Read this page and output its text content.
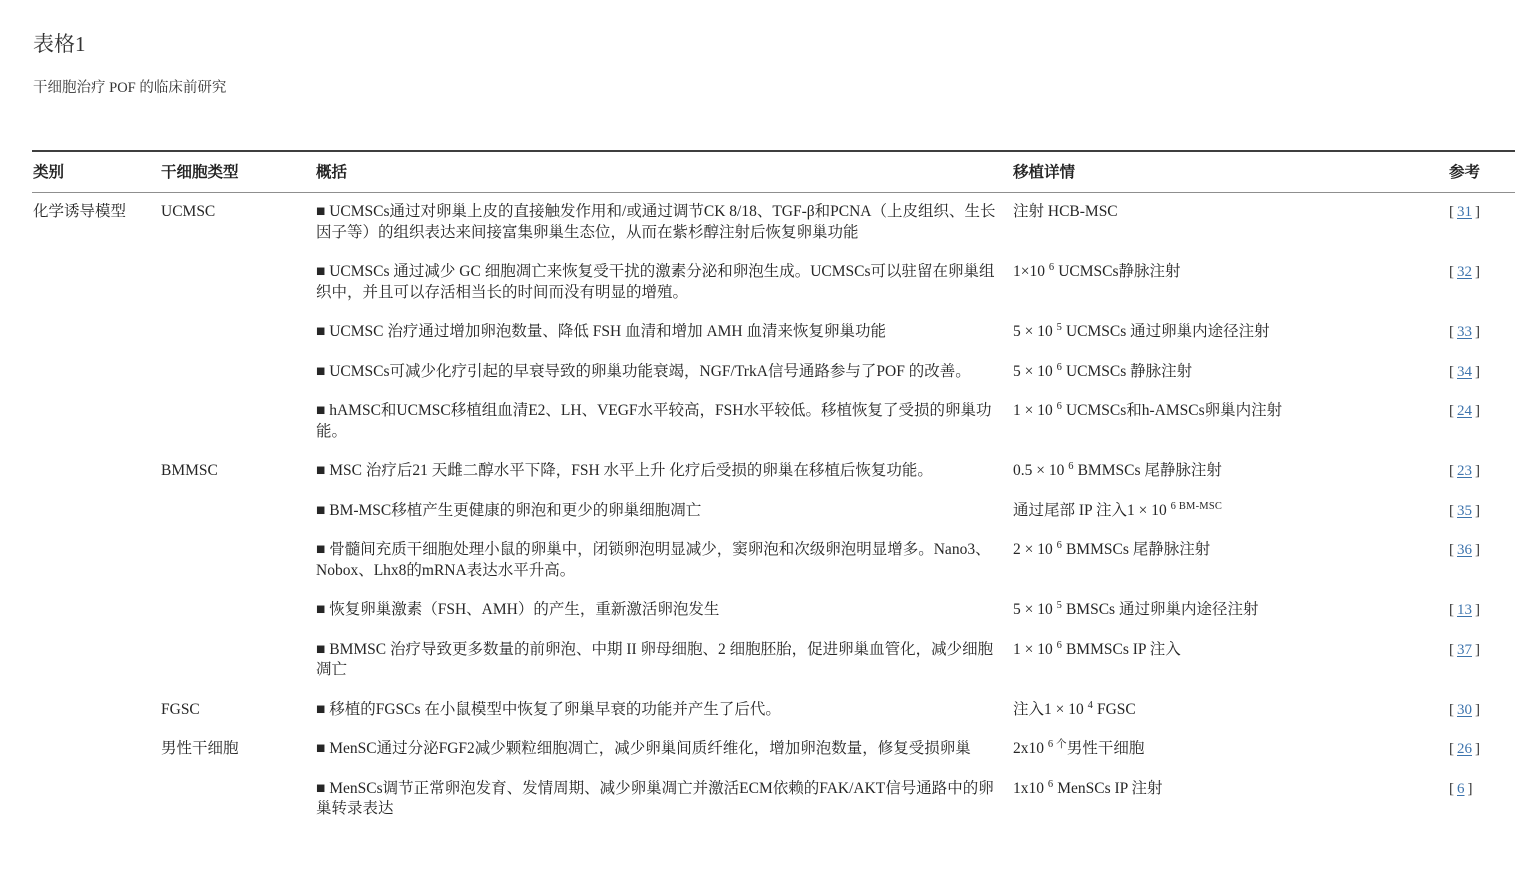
表格1
干细胞治疗 POF 的临床前研究
类别	干细胞类型	概括	移植详情	参考
化学诱导模型	UCMSC	■ UCMSCs通过对卵巢上皮的直接触发作用和/或通过调节CK 8/18、TGF-β和PCNA（上皮组织、生长因子等）的组织表达来间接富集卵巢生态位，从而在紫杉醇注射后恢复卵巢功能	注射 HCB-MSC	[ 31 ]
		■ UCMSCs 通过减少 GC 细胞凋亡来恢复受干扰的激素分泌和卵泡生成。UCMSCs可以驻留在卵巢组织中，并且可以存活相当长的时间而没有明显的增殖。	1×10 $^6$ UCMSCs静脉注射	[ 32 ]
		■ UCMSC 治疗通过增加卵泡数量、降低 FSH 血清和增加 AMH 血清来恢复卵巢功能	5 × 10 $^5$ UCMSCs 通过卵巢内途径注射	[ 33 ]
		■ UCMSCs可减少化疗引起的早衰导致的卵巢功能衰竭，NGF/TrkA信号通路参与了POF 的改善。	5 × 10 $^6$ UCMSCs 静脉注射	[ 34 ]
		■ hAMSC和UCMSC移植组血清E2、LH、VEGF水平较高，FSH水平较低。移植恢复了受损的卵巢功能。	1 × 10 $^6$ UCMSCs和h-AMSCs卵巢内注射	[ 24 ]
	BMMSC	■ MSC 治疗后21 天雌二醇水平下降，FSH 水平上升 化疗后受损的卵巢在移植后恢复功能。	0.5 × 10 $^6$ BMMSCs 尾静脉注射	[ 23 ]
		■ BM-MSC移植产生更健康的卵泡和更少的卵巢细胞凋亡	通过尾部 IP 注入1 × 10 $^{6 BM-MSC}$	[ 35 ]
		■ 骨髓间充质干细胞处理小鼠的卵巢中，闭锁卵泡明显减少，窦卵泡和次级卵泡明显增多。Nano3、Nobox、Lhx8的mRNA表达水平升高。	2 × 10 $^6$ BMMSCs 尾静脉注射	[ 36 ]
		■ 恢复卵巢激素（FSH、AMH）的产生，重新激活卵泡发生	5 × 10 $^5$ BMSCs 通过卵巢内途径注射	[ 13 ]
		■ BMMSC 治疗导致更多数量的前卵泡、中期 II 卵母细胞、2 细胞胚胎，促进卵巢血管化，减少细胞凋亡	1 × 10 $^6$ BMMSCs IP 注入	[ 37 ]
	FGSC	■ 移植的FGSCs 在小鼠模型中恢复了卵巢早衰的功能并产生了后代。	注入1 × 10 $^4$ FGSC	[ 30 ]
	男性干细胞	■ MenSC通过分泌FGF2减少颗粒细胞凋亡，减少卵巢间质纤维化，增加卵泡数量，修复受损卵巢	2x10 $^{6 个}$男性干细胞	[ 26 ]
		■ MenSCs调节正常卵泡发育、发情周期、减少卵巢凋亡并激活ECM依赖的FAK/AKT信号通路中的卵巢转录表达	1x10 $^6$ MenSCs IP 注射	[ 6 ]
